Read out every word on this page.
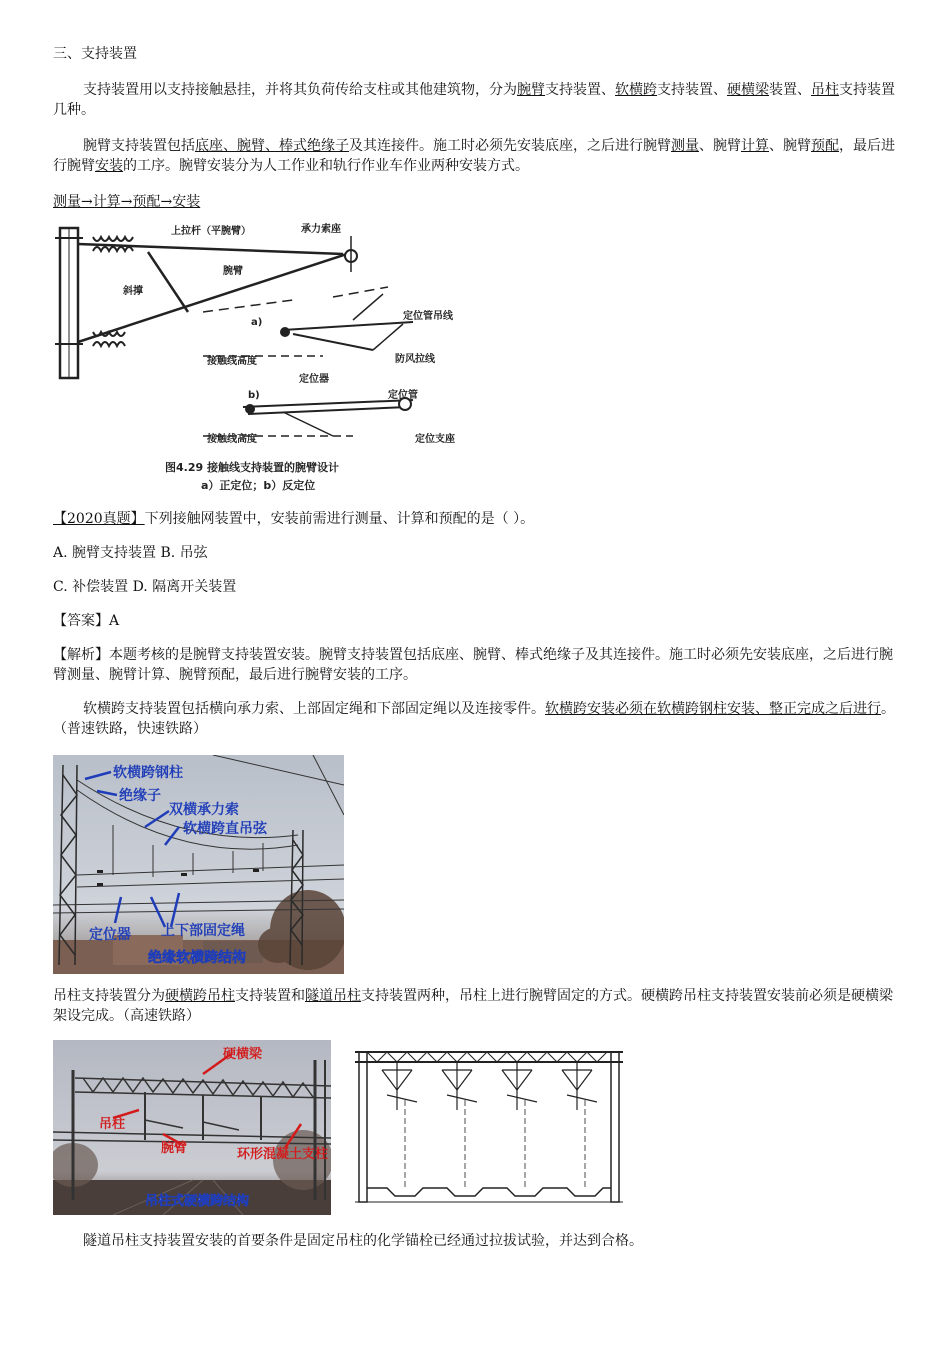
三、支持装置

支持装置用以支持接触悬挂，并将其负荷传给支柱或其他建筑物，分为腕臂支持装置、软横跨支持装置、硬横梁装置、吊柱支持装置几种。

腕臂支持装置包括底座、腕臂、棒式绝缘子及其连接件。施工时必须先安装底座，之后进行腕臂测量、腕臂计算、腕臂预配，最后进行腕臂安装的工序。腕臂安装分为人工作业和轨行作业车作业两种安装方式。

测量→计算→预配→安装

上拉杆（平腕臂）	承力索座
腕臂
斜撑
定位管吊线
a)
防风拉线
接触线高度
定位器
b)	定位管
接触线高度	定位支座
图4.29 接触线支持装置的腕臂设计
a）正定位；b）反定位

【2020真题】下列接触网装置中，安装前需进行测量、计算和预配的是（ ）。

A. 腕臂支持装置 B. 吊弦

C. 补偿装置 D. 隔离开关装置

【答案】A

【解析】本题考核的是腕臂支持装置安装。腕臂支持装置包括底座、腕臂、棒式绝缘子及其连接件。施工时必须先安装底座，之后进行腕臂测量、腕臂计算、腕臂预配，最后进行腕臂安装的工序。

软横跨支持装置包括横向承力索、上部固定绳和下部固定绳以及连接零件。软横跨安装必须在软横跨钢柱安装、整正完成之后进行。（普速铁路，快速铁路）

软横跨钢柱
绝缘子
双横承力索
软横跨直吊弦
定位器 上下部固定绳
绝缘软横跨结构

吊柱支持装置分为硬横跨吊柱支持装置和隧道吊柱支持装置两种，吊柱上进行腕臂固定的方式。硬横跨吊柱支持装置安装前必须是硬横梁架设完成。（高速铁路）

硬横梁
吊柱
腕臂	环形混凝土支柱
吊柱式硬横跨结构

隧道吊柱支持装置安装的首要条件是固定吊柱的化学锚栓已经通过拉拔试验，并达到合格。
